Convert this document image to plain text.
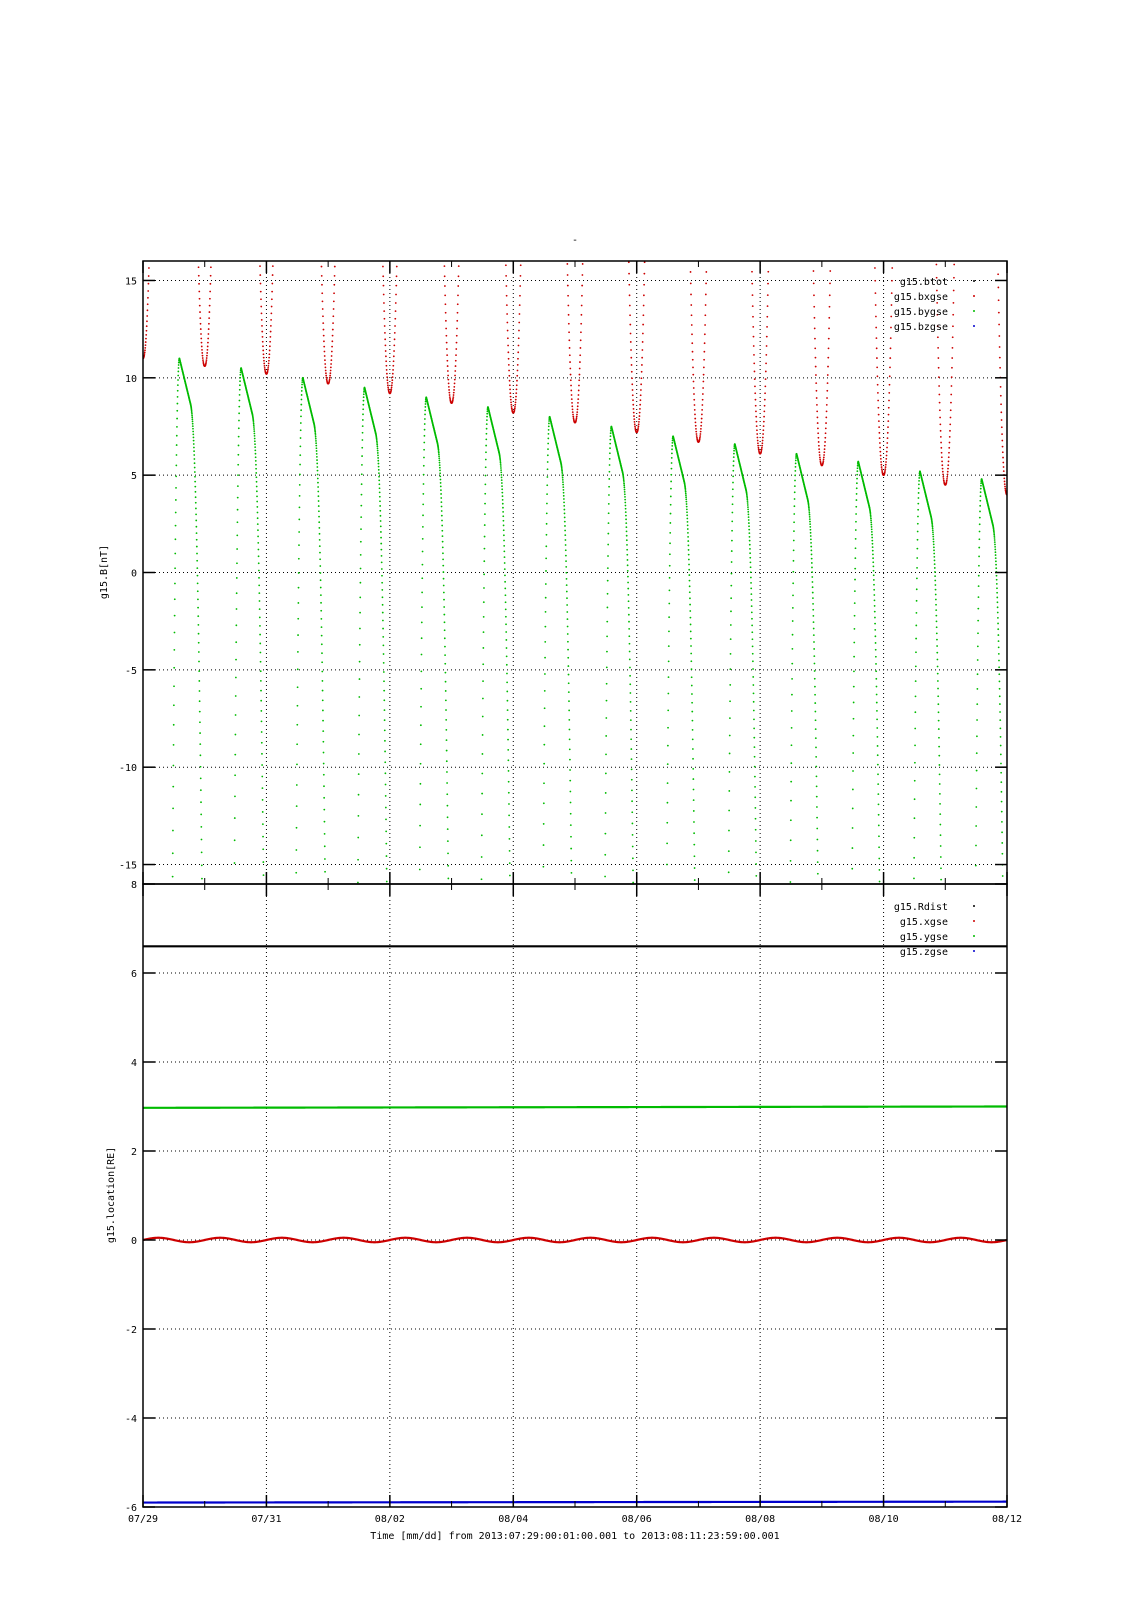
-
15
10
5
0
-5
-10
-15
g15.B[nT]
g15.btot
g15.bxgse
g15.bygse
g15.bzgse
8
6
4
2
0
-2
-4
-6
g15.location[RE]
g15.Rdist
g15.xgse
g15.ygse
g15.zgse
07/29	07/31	08/02	08/04	08/06	08/08	08/10	08/12
Time [mm/dd] from 2013:07:29:00:01:00.001 to 2013:08:11:23:59:00.001
